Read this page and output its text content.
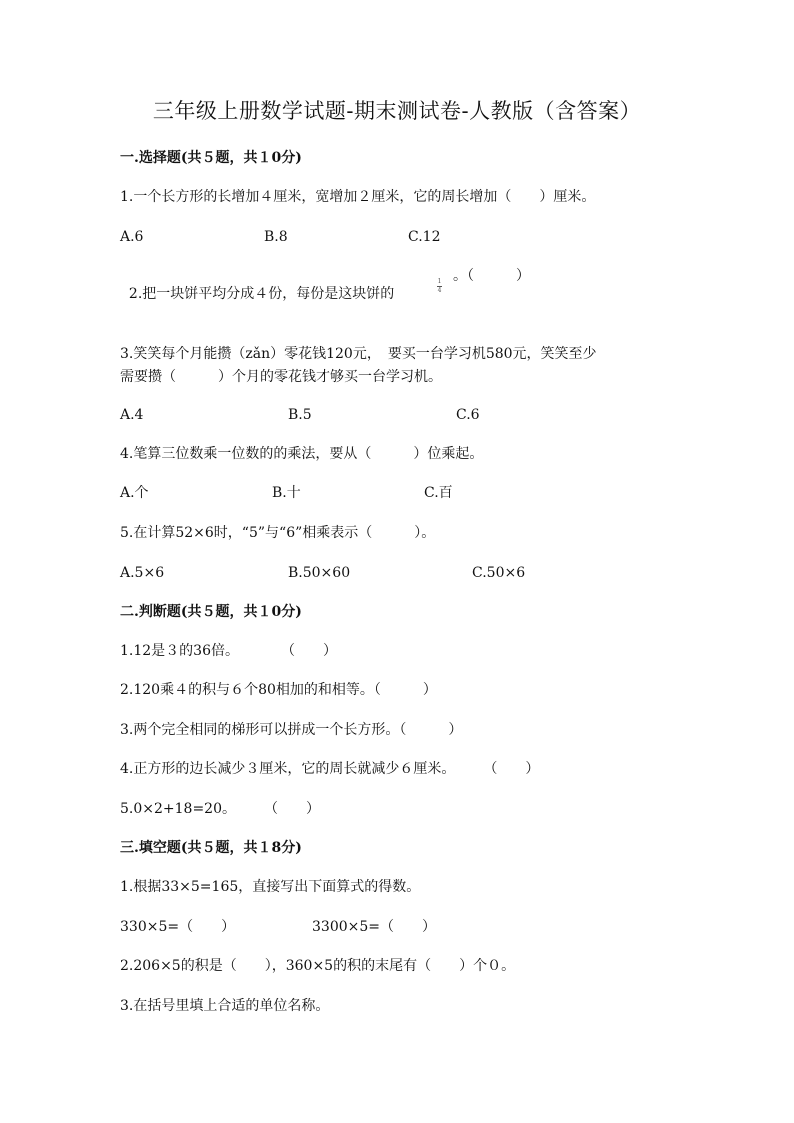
三年级上册数学试题-期末测试卷-人教版（含答案）
一.选择题(共５题，共１0分)
1.一个长方形的长增加４厘米，宽增加２厘米，它的周长增加（　　）厘米。
A.6	B.8	C.12

2.把一块饼平均分成４份，每份是这块饼的

1
4
。（　　　）
3.笑笑每个月能攒（zǎn）零花钱120元，　要买一台学习机580元，笑笑至少
需要攒（　　　）个月的零花钱才够买一台学习机。
A.4	B.5	C.6
4.笔算三位数乘一位数的的乘法，要从（　　　）位乘起。
A.个	B.十	C.百
5.在计算52×6时，“5”与“6”相乘表示（　　　）。
A.5×6	B.50×60	C.50×6
二.判断题(共５题，共１0分)
1.12是３的36倍。　　　　（　　）
2.120乘４的积与６个80相加的和相等。（　　　）
3.两个完全相同的梯形可以拼成一个长方形。（　　　）
4.正方形的边长减少３厘米，它的周长就减少６厘米。　　　（　　）
5.0×2+18=20。　　　（　　）
三.填空题(共５题，共１8分)
1.根据33×5=165，直接写出下面算式的得数。
330×5=（　　）	3300×5=（　　）
2.206×5的积是（　　），360×5的积的末尾有（　　）个０。
3.在括号里填上合适的单位名称。
